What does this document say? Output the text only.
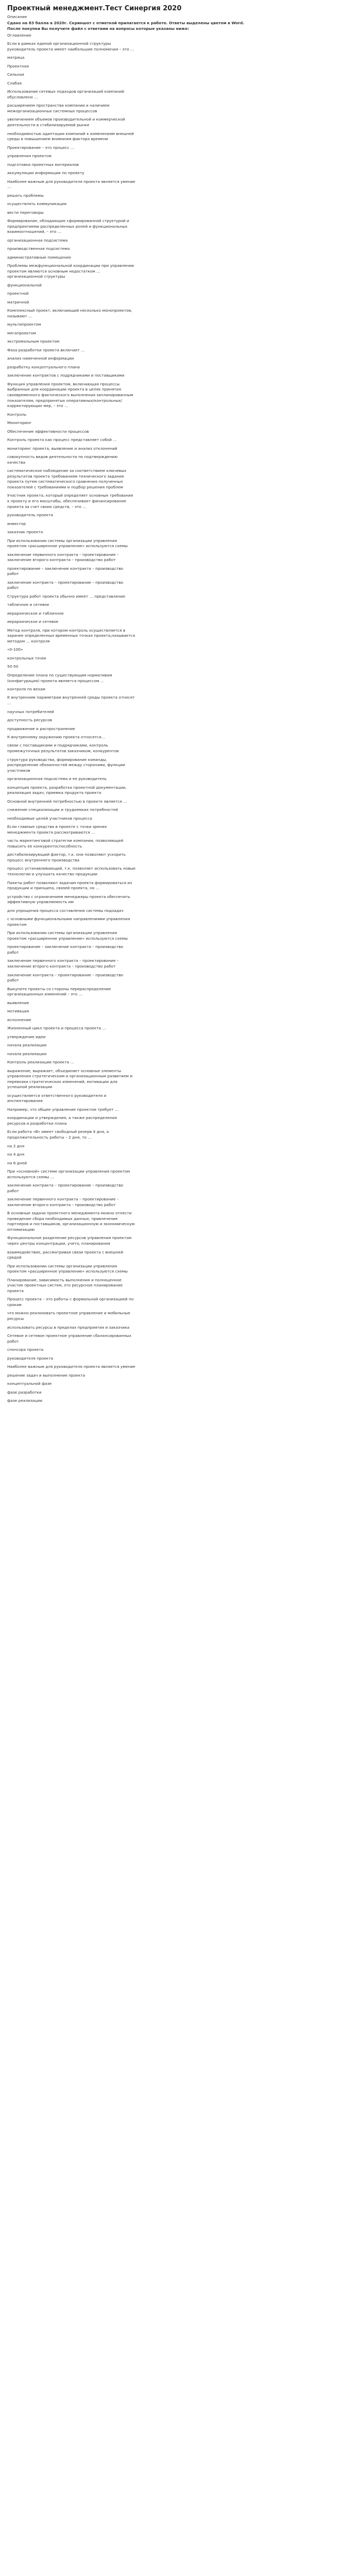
Проектный менеджмент.Тест Синергия 2020
Описание
Сдано на 83 балла в 2020г. Скриншот с отметкой прилагается к работе. Ответы выделены цветом в Word.
После покупки Вы получите файл с ответами на вопросы которые указаны ниже:
Оглавление
Если в рамках единой организационной структуры руководитель проекта имеет наибольшие полномочия – это …
матрица
Проектная
Сильная
Слабая
Использование сетевых подходов организаций компаний обусловлено …
расширением пространства компании и наличием межорганизационных системных процессов
увеличением объемов производительной и коммерческой деятельности в стабилизируемой рынке
необходимостью адаптации компаний к изменениям внешней среды в повышением внимания фактора времени
Проектирование – это процесс …
управления проектом
подготовки проектных материалов
аккумуляции информации по проекту
Наиболее важным для руководителя проекта является умение …
решать проблемы
осуществлять коммуникации
вести переговоры
Формирование, обладающее сформированной структурой и предприятиеми распределенных ролей и функциональных взаимоотношений, – это …
организационная подсистема
производственная подсистема
административные помещения
Проблемы межфункциональной координации при управлении проектом являются основным недостатком … организационной структуры
функциональной
проектной
матричной
Комплексный проект, включающий несколько монопроектов, называют …
мультипроектом
мегапроектом
экстремальным проектом
Фаза разработки проекта включает …
анализ намеченной информации
разработку концептуального плана
заключение контрактов с подрядчиками и поставщиками
Функция управления проектом, включающая процессы выбранные для координации проекта в целях принятия своевременного фактического выполнения запланированным показателям, предпринятых оперативных/контрольных/корректирующих мер, – это …
Контроль
Мониторинг
Обеспечение эффективности процессов
Контроль проекта как процесс представляет собой …
мониторинг проекта, выявление и анализ отклонений
совокупность видов деятельности по подтверждению качества
систематическое наблюдение за соответствием ключевых результатов проекта требованиям технического задания проекта путем систематического сравнения полученных показателей с требованиями и подбор решения проблем
Участник проекта, который определяет основные требования к проекту и его масштабы, обеспечивает финансирование проекта за счет своих средств, – это …
руководитель проекта
инвестор
заказчик проекта
При использовании системы организации управления проектом «расширенное управление» используются схемы
заключение первичного контракта – проектирование – заключение второго контракта – производство работ
проектирование – заключение контракта – производство работ
заключение контракта – проектирование – производство работ
Структура работ проекта обычно имеет … представление
табличное и сетевое
иерархическое и табличное
иерархическое и сетевое
Метод контроля, при котором контроль осуществляется в заранее определенных временных точках проекта,называется методом … контроля
«0-100»
контрольных точек
50-50
Определение плана по существующим нормативам (конфигурация) проекта является процессом …
контроля по вехам
К внутренним параметрам внутренней среды проекта относят …
научных потребителей
доступность ресурсов
продвижение и распространение
К внутреннему окружению проекта относятся…
связи с поставщиками и подрядчиками, контроль промежуточных результатов заказчиком, конкурентов
структура руководства, формирование команды, распределение обязанностей между сторонами, функции участников
организационная подсистема и ее руководитель
концепция проекта, разработка проектной документации, реализация задач, приемка продукта проекта
Основной внутренней потребностью в проекте является …
снижение специализации и трудоемких потребностей
необходимые целей участников процесса
Если главные средства в проекте с точки зрения менеджмента проекта рассматриваются …
часть маркетинговой стратегии компании, позволяющей повысить ее конкурентоспособность
дестабилизирующий фактор, т.к. они позволяют ускорить процесс внутреннего производства
процесс устанавливающий, т.к. позволяет использовать новые технологии и улучшать качество продукции
Пакеты работ позволяют задачам проекта формироваться из продукции и принципа, связей проекта, но …
устройство с ограничением менеджеры проекта обеспечить эффективную управляемость им
для упрощения процесса составления системы подзадач
с основными функциональными направлениями управления проектом
При использовании системы организации управления проектом «расширенное управление» используются схемы
проектирование – заключение контракта – производство работ
заключение первичного контракта – проектирование – заключение второго контракта – производство работ
заключение контракта – проектирование – производство работ
Выкупите проекты со стороны перераспределение организационных изменений – это …
выявление
мотивация
исполнение
Жизненный цикл проекта и процесса проекта …
утверждение идеи
начала реализации
начала реализации
Контроль реализации проекта …
выражение, выражает, объединяет основные элементы управления стратегическим и организационным развитием и перевозки стратегических изменений, мотивации для успешной реализации
осуществляется ответственного руководителя и инспектирования
Например, что общее управление проектом требует …
координации и утверждения, а также распределения ресурсов и разработки плана
Если работа «B» имеет свободный резерв 4 дня, а продолжительность работы – 2 дня, то …
на 2 дня
на 4 дня
на 6 дней
При «основной» системе организации управления проектом используются схемы …
заключение контракта – проектирование – производство работ
заключение первичного контракта – проектирование – заключение второго контракта – производство работ
В основные задачи проектного менеджмента можно отнести проведение сбора необходимых данных, привлечение партнеров и поставщиков, организационную и экономическую оптимизацию
Функциональное разделение ресурсов управления проектом через центры концентрации, учета, планирования
взаимодействие, рассматривая связи проекта с внешней средой
При использовании системы организации управления проектом «расширенное управление» используются схемы
Планирование, зависимость выполнения и полноценное участие проектных систем, это ресурсное планирование проекта
Процесс проекта – это работы с формальной организацией по срокам
что можно реализовать проектное управление и мобильные ресурсы
использовать ресурсы в пределах предприятия и заказчика
Сетевое и сетевое проектное управление сбалансированных работ
спонсора проекта
руководителя проекта
Наиболее важным для руководителя проекта является умение
решение задач и выполнение проекта
концептуальной фазе
фазе разработки
фазе реализации
